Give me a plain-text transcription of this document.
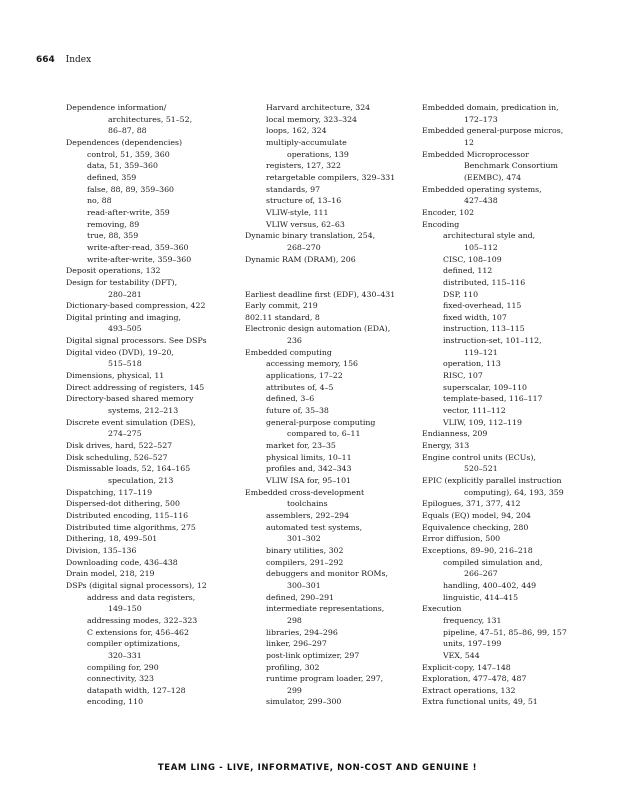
664 Index
Dependence information/
architectures, 51–52,
86–87, 88
Dependences (dependencies)
control, 51, 359, 360
data, 51, 359–360
defined, 359
false, 88, 89, 359–360
no, 88
read-after-write, 359
removing, 89
true, 88, 359
write-after-read, 359–360
write-after-write, 359–360
Deposit operations, 132
Design for testability (DFT),
280–281
Dictionary-based compression, 422
Digital printing and imaging,
493–505
Digital signal processors. See DSPs
Digital video (DVD), 19–20,
515–518
Dimensions, physical, 11
Direct addressing of registers, 145
Directory-based shared memory
systems, 212–213
Discrete event simulation (DES),
274–275
Disk drives, hard, 522–527
Disk scheduling, 526–527
Dismissable loads, 52, 164–165
speculation, 213
Dispatching, 117–119
Dispersed-dot dithering, 500
Distributed encoding, 115–116
Distributed time algorithms, 275
Dithering, 18, 499–501
Division, 135–136
Downloading code, 436–438
Drain model, 218, 219
DSPs (digital signal processors), 12
address and data registers,
149–150
addressing modes, 322–323
C extensions for, 456–462
compiler optimizations,
320–331
compiling for, 290
connectivity, 323
datapath width, 127–128
encoding, 110
Harvard architecture, 324
local memory, 323–324
loops, 162, 324
multiply-accumulate
operations, 139
registers, 127, 322
retargetable compilers, 329–331
standards, 97
structure of, 13–16
VLIW-style, 111
VLIW versus, 62–63
Dynamic binary translation, 254,
268–270
Dynamic RAM (DRAM), 206
Earliest deadline first (EDF), 430–431
Early commit, 219
802.11 standard, 8
Electronic design automation (EDA),
236
Embedded computing
accessing memory, 156
applications, 17–22
attributes of, 4–5
defined, 3–6
future of, 35–38
general-purpose computing
compared to, 6–11
market for, 23–35
physical limits, 10–11
profiles and, 342–343
VLIW ISA for, 95–101
Embedded cross-development
toolchains
assemblers, 292–294
automated test systems,
301–302
binary utilities, 302
compilers, 291–292
debuggers and monitor ROMs,
300–301
defined, 290–291
intermediate representations,
298
libraries, 294–296
linker, 296–297
post-link optimizer, 297
profiling, 302
runtime program loader, 297,
299
simulator, 299–300
Embedded domain, predication in,
172–173
Embedded general-purpose micros,
12
Embedded Microprocessor
Benchmark Consortium
(EEMBC), 474
Embedded operating systems,
427–438
Encoder, 102
Encoding
architectural style and,
105–112
CISC, 108–109
defined, 112
distributed, 115–116
DSP, 110
fixed-overhead, 115
fixed width, 107
instruction, 113–115
instruction-set, 101–112,
119–121
operation, 113
RISC, 107
superscalar, 109–110
template-based, 116–117
vector, 111–112
VLIW, 109, 112–119
Endianness, 209
Energy, 313
Engine control units (ECUs),
520–521
EPIC (explicitly parallel instruction
computing), 64, 193, 359
Epilogues, 371, 377, 412
Equals (EQ) model, 94, 204
Equivalence checking, 280
Error diffusion, 500
Exceptions, 89–90, 216–218
compiled simulation and,
266–267
handling, 400–402, 449
linguistic, 414–415
Execution
frequency, 131
pipeline, 47–51, 85–86, 99, 157
units, 197–199
VEX, 544
Explicit-copy, 147–148
Exploration, 477–478, 487
Extract operations, 132
Extra functional units, 49, 51
TEAM LING - LIVE, INFORMATIVE, NON-COST AND GENUINE !
